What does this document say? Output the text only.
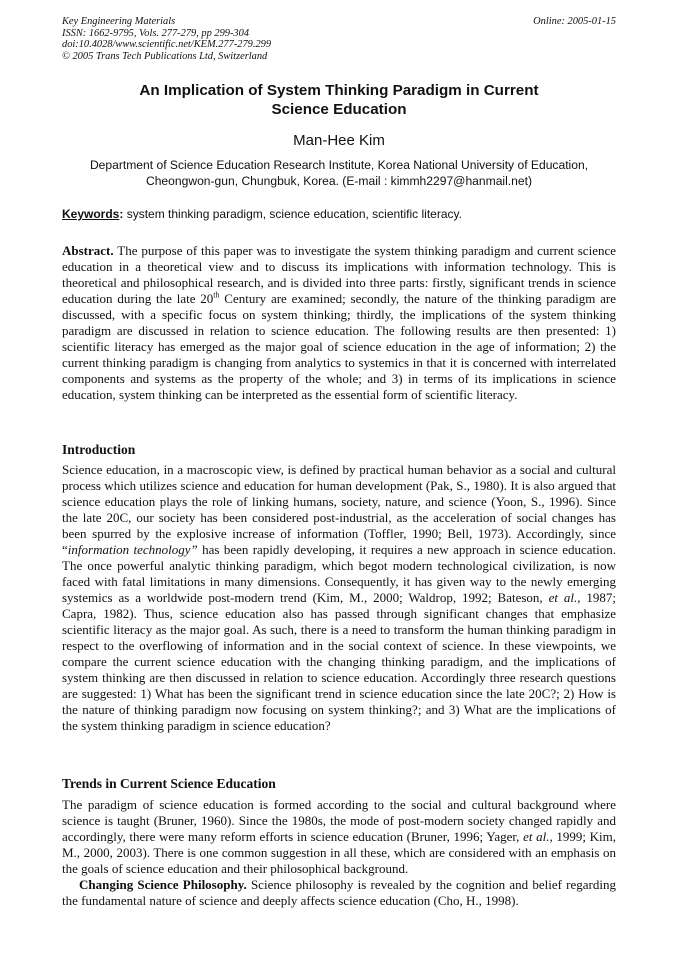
Key Engineering Materials
ISSN: 1662-9795, Vols. 277-279, pp 299-304
doi:10.4028/www.scientific.net/KEM.277-279.299
© 2005 Trans Tech Publications Ltd, Switzerland
Online: 2005-01-15
An Implication of System Thinking Paradigm in Current
Science Education
Man-Hee Kim
Department of Science Education Research Institute, Korea National University of Education,
Cheongwon-gun, Chungbuk, Korea. (E-mail : kimmh2297@hanmail.net)
Keywords: system thinking paradigm, science education, scientific literacy.

Abstract. The purpose of this paper was to investigate the system thinking paradigm and current science education in a theoretical view and to discuss its implications with information technology. This is theoretical and philosophical research, and is divided into three parts: firstly, significant trends in science education during the late 20th Century are examined; secondly, the nature of the thinking paradigm are discussed, with a specific focus on system thinking; thirdly, the implications of the system thinking paradigm are discussed in relation to science education. The following results are then presented: 1) scientific literacy has emerged as the major goal of science education in the age of information; 2) the current thinking paradigm is changing from analytics to systemics in that it is concerned with interrelated components and systems as the property of the whole; and 3) in terms of its implications in science education, system thinking can be interpreted as the essential form of scientific literacy.

Introduction

Science education, in a macroscopic view, is defined by practical human behavior as a social and cultural process which utilizes science and education for human development (Pak, S., 1980). It is also argued that science education plays the role of linking humans, society, nature, and science (Yoon, S., 1996). Since the late 20C, our society has been considered post-industrial, as the acceleration of social changes has been spurred by the explosive increase of information (Toffler, 1990; Bell, 1973). Accordingly, since “information technology” has been rapidly developing, it requires a new approach in science education. The once powerful analytic thinking paradigm, which begot modern technological civilization, is now faced with fatal limitations in many dimensions. Consequently, it has given way to the newly emerging systemics as a worldwide post-modern trend (Kim, M., 2000; Waldrop, 1992; Bateson, et al., 1987; Capra, 1982). Thus, science education also has passed through significant changes that emphasize scientific literacy as the major goal. As such, there is a need to transform the human thinking paradigm in respect to the overflowing of information and in the social context of science. In these viewpoints, we compare the current science education with the changing thinking paradigm, and the implications of system thinking are then discussed in relation to science education. Accordingly three research questions are suggested: 1) What has been the significant trend in science education since the late 20C?; 2) How is the nature of thinking paradigm now focusing on system thinking?; and 3) What are the implications of the system thinking paradigm in science education?

Trends in Current Science Education

The paradigm of science education is formed according to the social and cultural background where science is taught (Bruner, 1960). Since the 1980s, the mode of post-modern society changed rapidly and accordingly, there were many reform efforts in science education (Bruner, 1996; Yager, et al., 1999; Kim, M., 2000, 2003). There is one common suggestion in all these, which are considered with an emphasis on the goals of science education and their philosophical background.

Changing Science Philosophy. Science philosophy is revealed by the cognition and belief regarding the fundamental nature of science and deeply affects science education (Cho, H., 1998).
